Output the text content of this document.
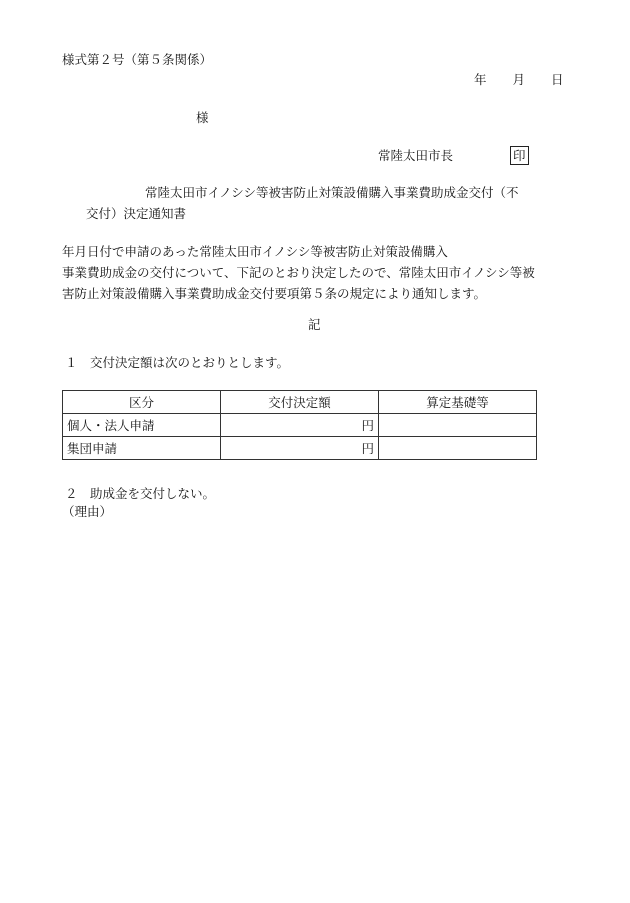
様式第２号（第５条関係）
年 月 日
様
常陸太田市長	印
常陸太田市イノシシ等被害防止対策設備購入事業費助成金交付（不
交付）決定通知書
年月日付で申請のあった常陸太田市イノシシ等被害防止対策設備購入
事業費助成金の交付について、下記のとおり決定したので、常陸太田市イノシシ等被
害防止対策設備購入事業費助成金交付要項第５条の規定により通知します。
記
１　交付決定額は次のとおりとします。
区分	交付決定額	算定基礎等
個人・法人申請	円	
集団申請	円	
２　助成金を交付しない。
（理由）
